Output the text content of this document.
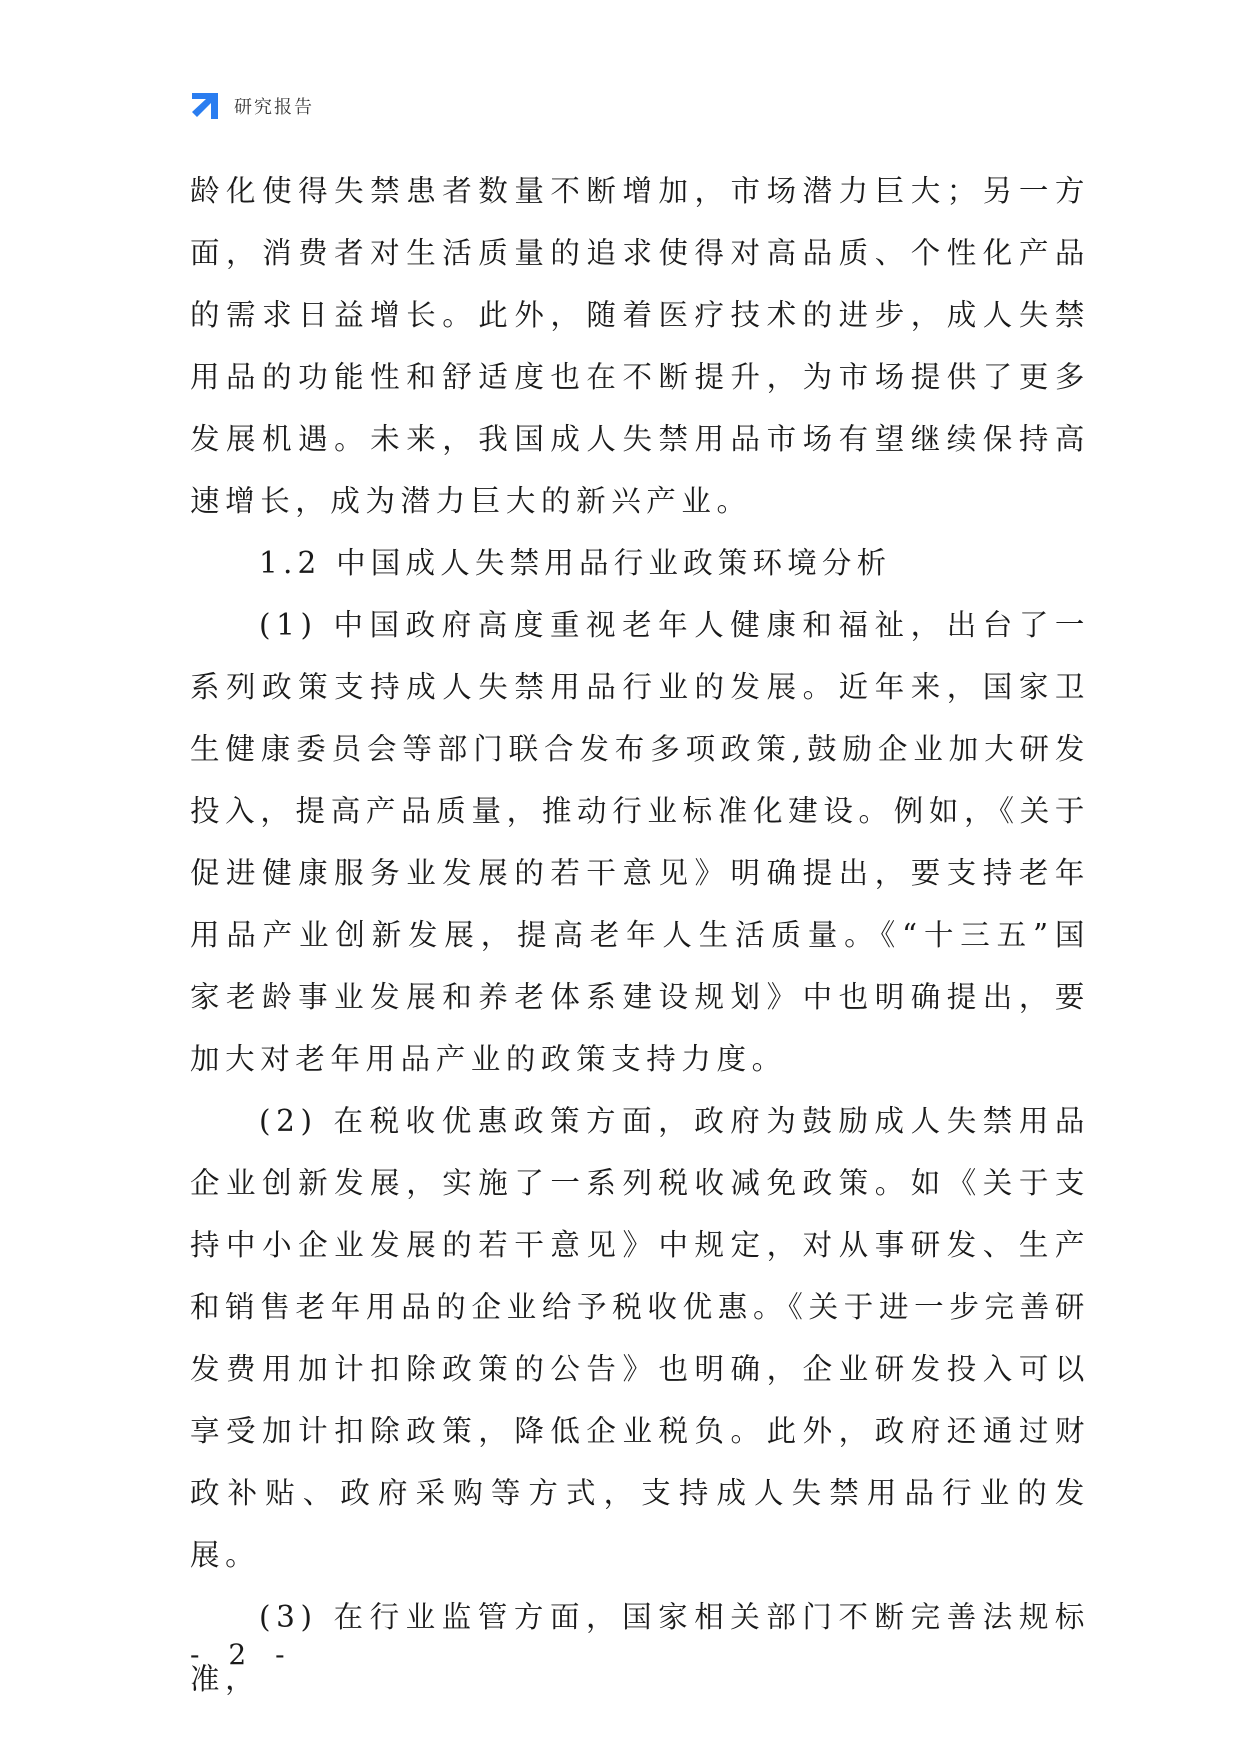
研究报告

龄化使得失禁患者数量不断增加，市场潜力巨大；另一方面，消费者对生活质量的追求使得对高品质、个性化产品的需求日益增长。此外，随着医疗技术的进步，成人失禁用品的功能性和舒适度也在不断提升，为市场提供了更多发展机遇。未来，我国成人失禁用品市场有望继续保持高速增长，成为潜力巨大的新兴产业。

1.2 中国成人失禁用品行业政策环境分析

(1) 中国政府高度重视老年人健康和福祉，出台了一系列政策支持成人失禁用品行业的发展。近年来，国家卫生健康委员会等部门联合发布多项政策,鼓励企业加大研发投入，提高产品质量，推动行业标准化建设。例如，《关于促进健康服务业发展的若干意见》明确提出，要支持老年用品产业创新发展，提高老年人生活质量。《“十三五”国家老龄事业发展和养老体系建设规划》中也明确提出，要加大对老年用品产业的政策支持力度。

(2) 在税收优惠政策方面，政府为鼓励成人失禁用品企业创新发展，实施了一系列税收减免政策。如《关于支持中小企业发展的若干意见》中规定，对从事研发、生产和销售老年用品的企业给予税收优惠。《关于进一步完善研发费用加计扣除政策的公告》也明确，企业研发投入可以享受加计扣除政策，降低企业税负。此外，政府还通过财政补贴、政府采购等方式，支持成人失禁用品行业的发展。

(3) 在行业监管方面，国家相关部门不断完善法规标准，

- 2 -
